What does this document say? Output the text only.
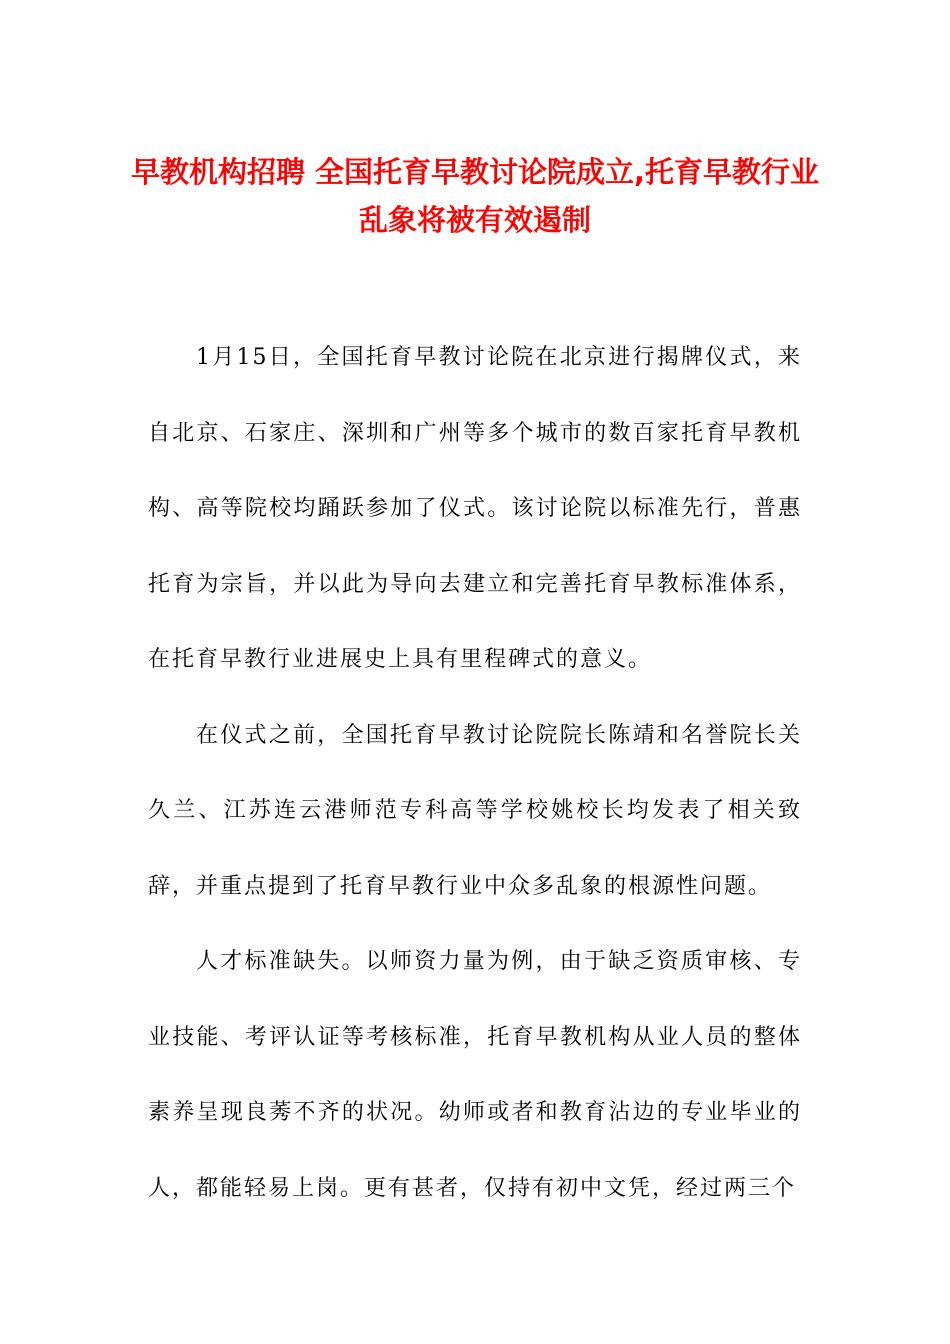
早教机构招聘 全国托育早教讨论院成立,托育早教行业乱象将被有效遏制

1月15日，全国托育早教讨论院在北京进行揭牌仪式，来自北京、石家庄、深圳和广州等多个城市的数百家托育早教机构、高等院校均踊跃参加了仪式。该讨论院以标准先行，普惠托育为宗旨，并以此为导向去建立和完善托育早教标准体系，在托育早教行业进展史上具有里程碑式的意义。

在仪式之前，全国托育早教讨论院院长陈靖和名誉院长关久兰、江苏连云港师范专科高等学校姚校长均发表了相关致辞，并重点提到了托育早教行业中众多乱象的根源性问题。

人才标准缺失。以师资力量为例，由于缺乏资质审核、专业技能、考评认证等考核标准，托育早教机构从业人员的整体素养呈现良莠不齐的状况。幼师或者和教育沾边的专业毕业的人，都能轻易上岗。更有甚者，仅持有初中文凭，经过两三个
